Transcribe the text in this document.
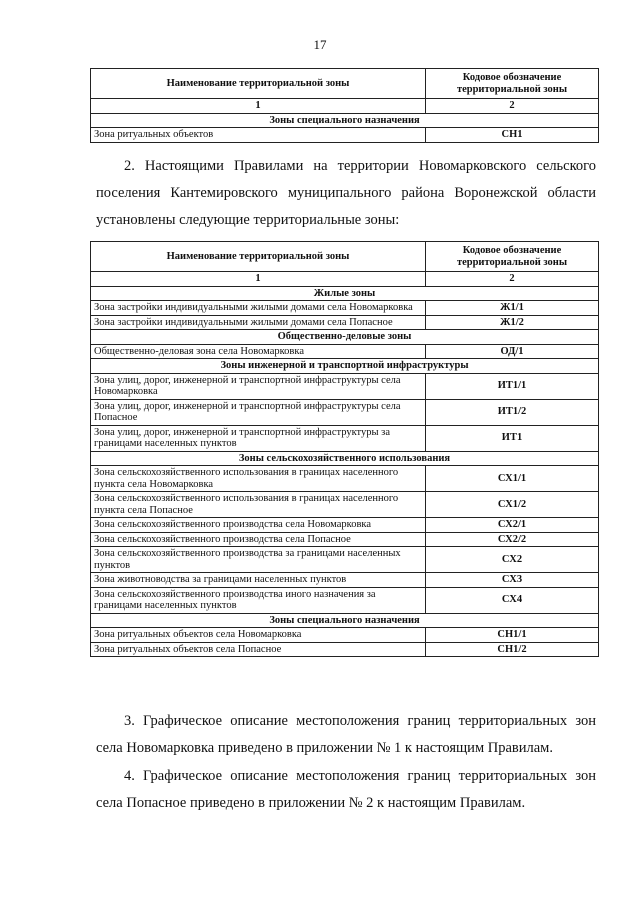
17
Наименование территориальной зоны	Кодовое обозначение территориальной зоны
1	2
Зоны специального назначения	
Зона ритуальных объектов	СН1
2. Настоящими Правилами на территории Новомарковского сельского поселения Кантемировского муниципального района Воронежской области установлены следующие территориальные зоны:
Наименование территориальной зоны	Кодовое обозначение территориальной зоны
1	2
Жилые зоны	
Зона застройки индивидуальными жилыми домами села Новомарковка	Ж1/1
Зона застройки индивидуальными жилыми домами села Попасное	Ж1/2
Общественно-деловые зоны	
Общественно-деловая зона села Новомарковка	ОД/1
Зоны инженерной и транспортной инфраструктуры	
Зона улиц, дорог, инженерной и транспортной инфраструктуры села Новомарковка	ИТ1/1
Зона улиц, дорог, инженерной и транспортной инфраструктуры села Попасное	ИТ1/2
Зона улиц, дорог, инженерной и транспортной инфраструктуры за границами населенных пунктов	ИТ1
Зоны сельскохозяйственного использования	
Зона сельскохозяйственного использования в границах населенного пункта села Новомарковка	СХ1/1
Зона сельскохозяйственного использования в границах населенного пункта села Попасное	СХ1/2
Зона сельскохозяйственного производства села Новомарковка	СХ2/1
Зона сельскохозяйственного производства села Попасное	СХ2/2
Зона сельскохозяйственного производства за границами населенных пунктов	СХ2
Зона животноводства за границами населенных пунктов	СХ3
Зона сельскохозяйственного производства иного назначения за границами населенных пунктов	СХ4
Зоны специального назначения	
Зона ритуальных объектов села Новомарковка	СН1/1
Зона ритуальных объектов села Попасное	СН1/2
3. Графическое описание местоположения границ территориальных зон села Новомарковка приведено в приложении № 1 к настоящим Правилам.
4. Графическое описание местоположения границ территориальных зон села Попасное приведено в приложении № 2 к настоящим Правилам.
